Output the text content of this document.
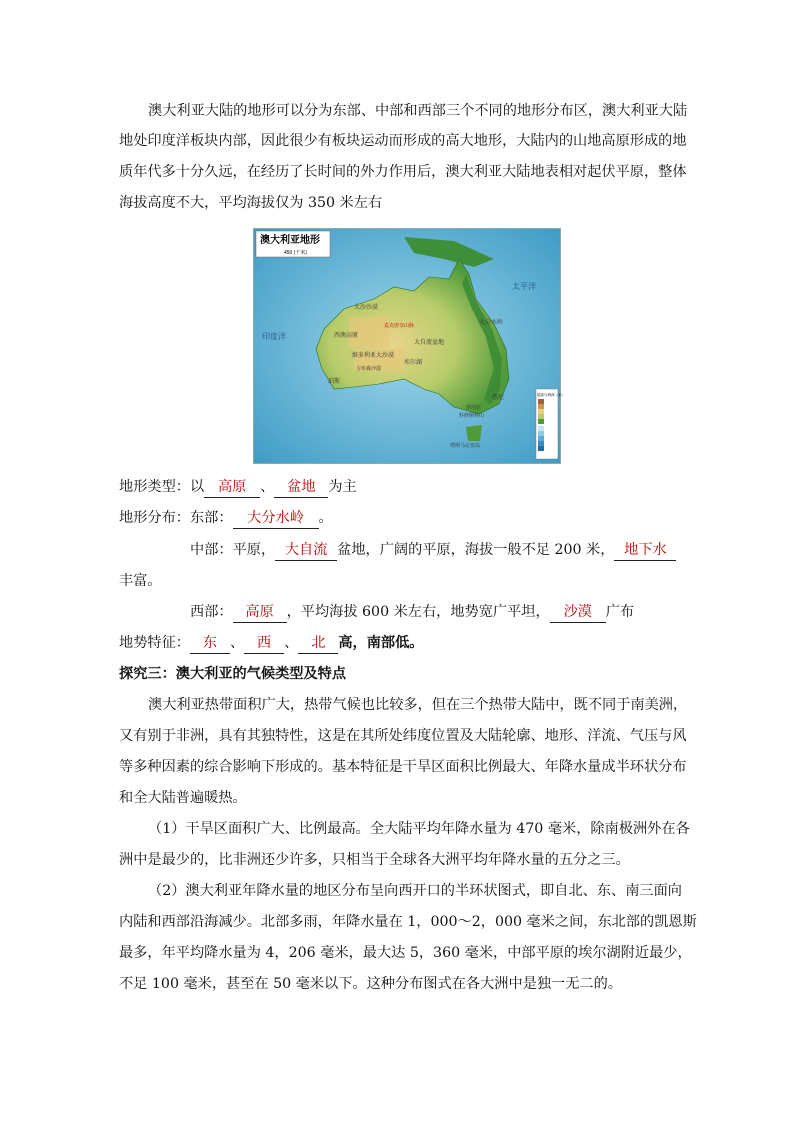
澳大利亚大陆的地形可以分为东部、中部和西部三个不同的地形分布区，澳大利亚大陆
地处印度洋板块内部，因此很少有板块运动而形成的高大地形，大陆内的山地高原形成的地
质年代多十分久远，在经历了长时间的外力作用后，澳大利亚大陆地表相对起伏平原，整体
海拔高度不大，平均海拔仅为 350 米左右
澳大利亚地形
450 (千米)
大沙沙漠
麦克唐奈山脉
西澳高原
维多利亚大沙漠
吉布森沙漠
大自流盆地
埃尔湖
大分水岭
珀斯
悉尼
堪培拉
科修斯科山
塔斯马尼亚岛
太平洋
印度洋
陆高与海深（米）
地形类型：以 高原 、 盆地 为主
地形分布：东部： 大分水岭 。
中部：平原， 大自流 盆地，广阔的平原，海拔一般不足 200 米， 地下水
丰富。
西部： 高原 ，平均海拔 600 米左右，地势宽广平坦， 沙漠 广布
地势特征： 东 、 西 、 北 高，南部低。
探究三：澳大利亚的气候类型及特点
澳大利亚热带面积广大，热带气候也比较多，但在三个热带大陆中，既不同于南美洲，
又有别于非洲，具有其独特性，这是在其所处纬度位置及大陆轮廓、地形、洋流、气压与风
等多种因素的综合影响下形成的。基本特征是干旱区面积比例最大、年降水量成半环状分布
和全大陆普遍暖热。
（1）干旱区面积广大、比例最高。全大陆平均年降水量为 470 毫米，除南极洲外在各
洲中是最少的，比非洲还少许多，只相当于全球各大洲平均年降水量的五分之三。
（2）澳大利亚年降水量的地区分布呈向西开口的半环状图式，即自北、东、南三面向
内陆和西部沿海减少。北部多雨，年降水量在 1，000～2，000 毫米之间，东北部的凯恩斯
最多，年平均降水量为 4，206 毫米，最大达 5，360 毫米，中部平原的埃尔湖附近最少，
不足 100 毫米，甚至在 50 毫米以下。这种分布图式在各大洲中是独一无二的。
